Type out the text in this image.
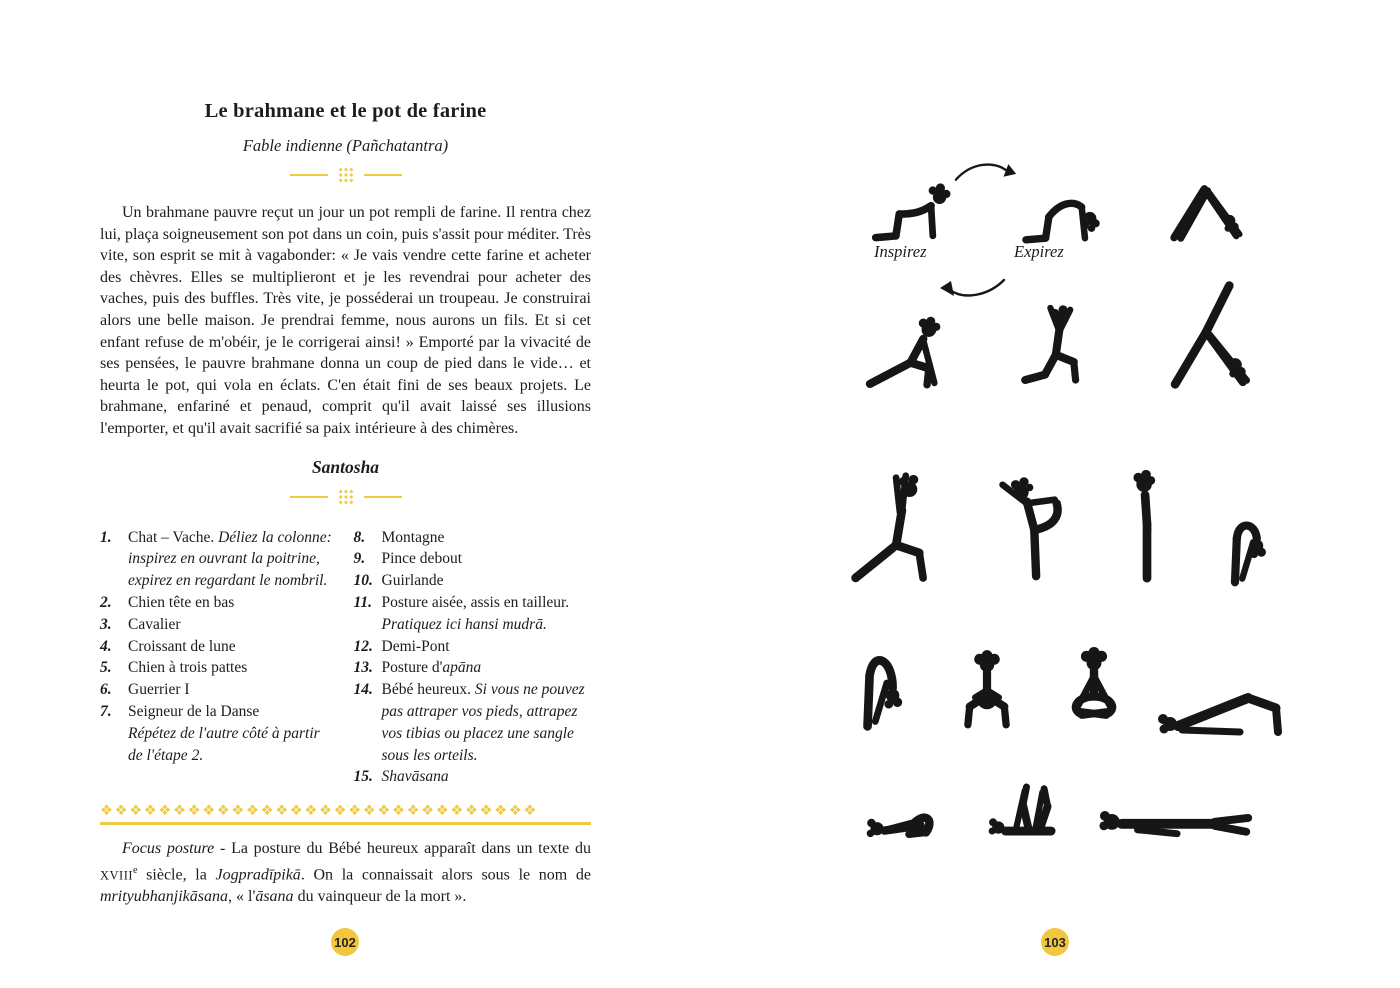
Le brahmane et le pot de farine
Fable indienne (Pañchatantra)

Un brahmane pauvre reçut un jour un pot rempli de farine. Il rentra chez lui, plaça soigneusement son pot dans un coin, puis s'assit pour méditer. Très vite, son esprit se mit à vagabonder: « Je vais vendre cette farine et acheter des chèvres. Elles se multiplieront et je les revendrai pour acheter des vaches, puis des buffles. Très vite, je posséderai un troupeau. Je construirai alors une belle maison. Je prendrai femme, nous aurons un fils. Et si cet enfant refuse de m'obéir, je le corrigerai ainsi! » Emporté par la vivacité de ses pensées, le pauvre brahmane donna un coup de pied dans le vide… et heurta le pot, qui vola en éclats. C'en était fini de ses beaux projets. Le brahmane, enfariné et penaud, comprit qu'il avait laissé ses illusions l'emporter, et qu'il avait sacrifié sa paix intérieure à des chimères.

Santosha
1.	Chat – Vache. Déliez la colonne: inspirez en ouvrant la poitrine, expirez en regardant le nombril.
2.	Chien tête en bas
3.	Cavalier
4.	Croissant de lune
5.	Chien à trois pattes
6.	Guerrier I
7.	Seigneur de la Danse
Répétez de l'autre côté à partir de l'étape 2.
8.	Montagne
9.	Pince debout
10. Guirlande
11. Posture aisée, assis en tailleur. Pratiquez ici hansi mudrā.
12. Demi-Pont
13. Posture d'apāna
14. Bébé heureux. Si vous ne pouvez pas attraper vos pieds, attrapez vos tibias ou placez une sangle sous les orteils.
15. Shavāsana
❖❖❖❖❖❖❖❖❖❖❖❖❖❖❖❖❖❖❖❖❖❖❖❖❖❖❖❖❖❖

Focus posture - La posture du Bébé heureux apparaît dans un texte du XVIIIe siècle, la Jogpradīpikā. On la connaissait alors sous le nom de mrityubhanjikāsana, « l'āsana du vainqueur de la mort ».

102	103
Inspirez	Expirez
